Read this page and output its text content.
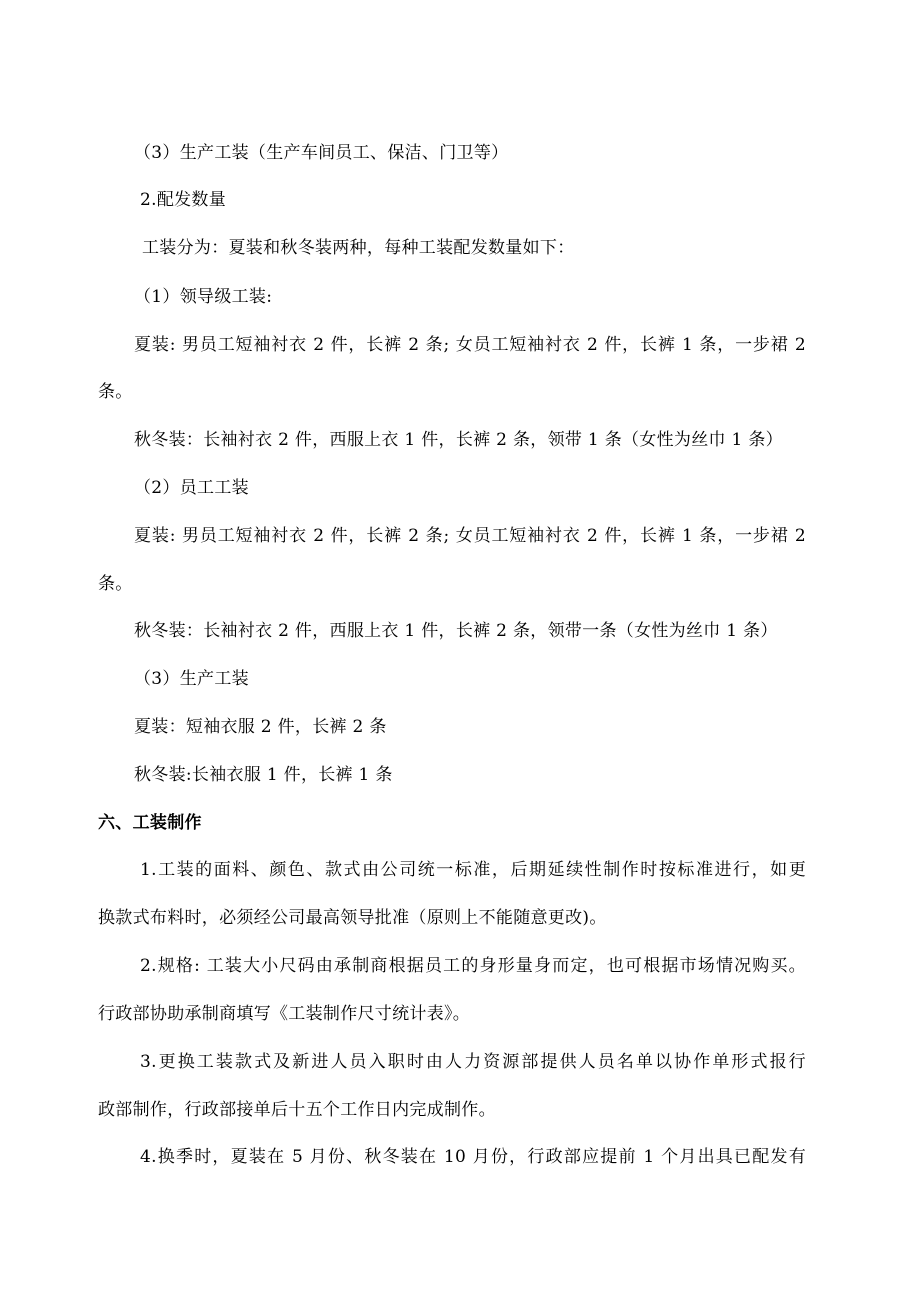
（3）生产工装（生产车间员工、保洁、门卫等）
2.配发数量
工装分为：夏装和秋冬装两种，每种工装配发数量如下：
（1）领导级工装:
夏装: 男员工短袖衬衣 2 件，长裤 2 条; 女员工短袖衬衣 2 件，长裤 1 条，一步裙 2
条。
秋冬装：长袖衬衣 2 件，西服上衣 1 件，长裤 2 条，领带 1 条（女性为丝巾 1 条）
（2）员工工装
夏装: 男员工短袖衬衣 2 件，长裤 2 条; 女员工短袖衬衣 2 件，长裤 1 条，一步裙 2
条。
秋冬装：长袖衬衣 2 件，西服上衣 1 件，长裤 2 条，领带一条（女性为丝巾 1 条）
（3）生产工装
夏装：短袖衣服 2 件，长裤 2 条
秋冬装:长袖衣服 1 件，长裤 1 条
六、工装制作
1.工装的面料、颜色、款式由公司统一标准，后期延续性制作时按标准进行，如更
换款式布料时，必须经公司最高领导批准（原则上不能随意更改)。
2.规格: 工装大小尺码由承制商根据员工的身形量身而定，也可根据市场情况购买。
行政部协助承制商填写《工装制作尺寸统计表》。
3.更换工装款式及新进人员入职时由人力资源部提供人员名单以协作单形式报行
政部制作，行政部接单后十五个工作日内完成制作。
4.换季时，夏装在 5 月份、秋冬装在 10 月份，行政部应提前 1 个月出具已配发有
